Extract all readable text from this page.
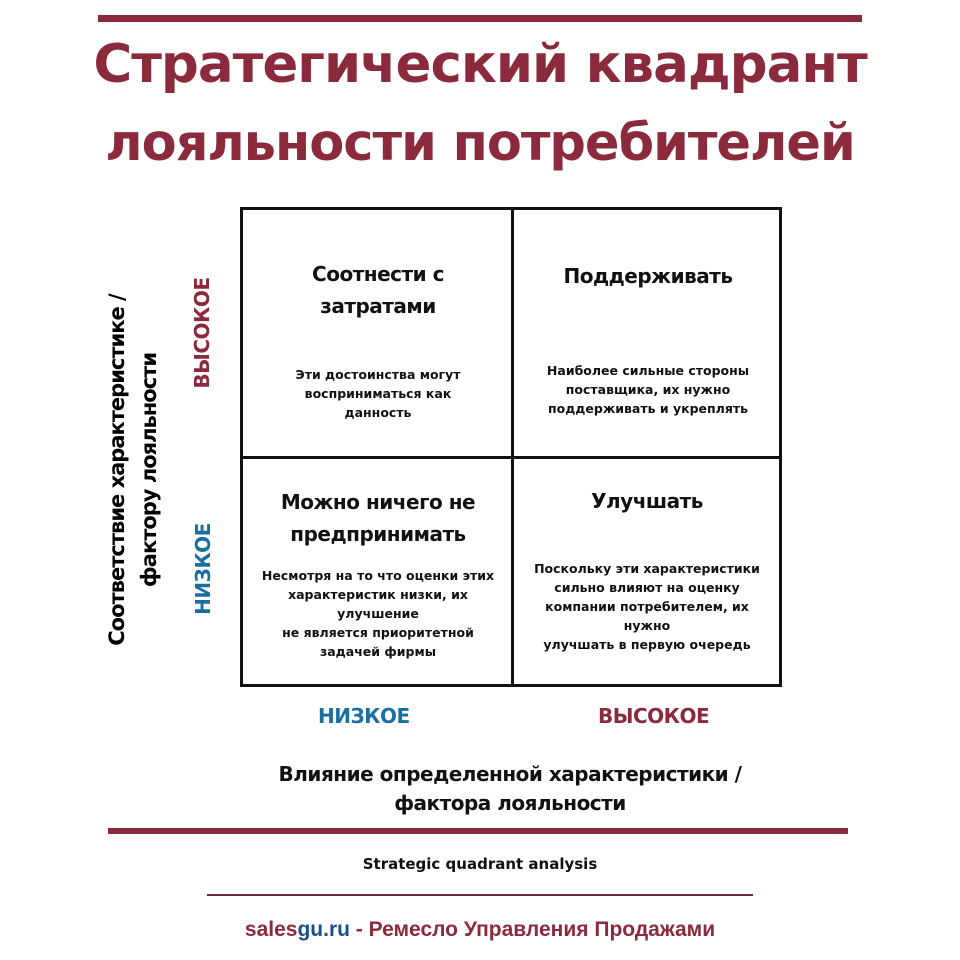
Стратегический квадрант
лояльности потребителей
Соотнести с
затратами
Эти достоинства могут
восприниматься как
данность
Поддерживать
Наиболее сильные стороны
поставщика, их нужно
поддерживать и укреплять
Можно ничего не
предпринимать
Несмотря на то что оценки этих
характеристик низки, их улучшение
не является приоритетной
задачей фирмы
Улучшать
Поскольку эти характеристики
сильно влияют на оценку
компании потребителем, их нужно
улучшать в первую очередь
Соответствие характеристике / фактору лояльности
ВЫСОКОЕ
НИЗКОЕ
НИЗКОЕ	ВЫСОКОЕ
Влияние определенной характеристики /
фактора лояльности
Strategic quadrant analysis
salesgu.ru - Ремесло Управления Продажами
